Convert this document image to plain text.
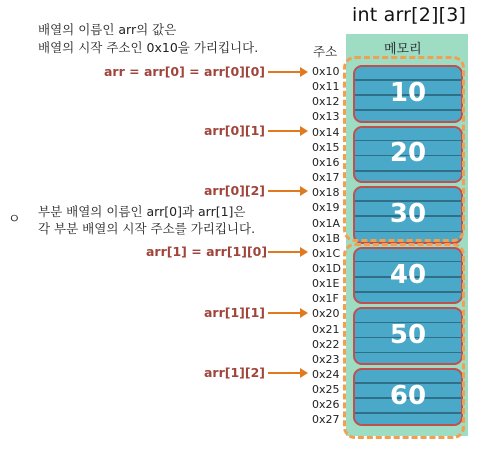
int arr[2][3]
배열의 이름인 arr의 값은
배열의 시작 주소인 0x10을 가리킵니다.
ㅇ
부분 배열의 이름인 arr[0]과 arr[1]은
각 부분 배열의 시작 주소를 가리킵니다.
주소	메모리
0x10
0x11
0x12
0x13
0x14
0x15
0x16
0x17
0x18
0x19
0x1A
0x1B
0x1C
0x1D
0x1E
0x1F
0x20
0x21
0x22
0x23
0x24
0x25
0x26
0x27
10
20
30
40
50
60
arr = arr[0] = arr[0][0]
arr[0][1]
arr[0][2]
arr[1] = arr[1][0]
arr[1][1]
arr[1][2]
